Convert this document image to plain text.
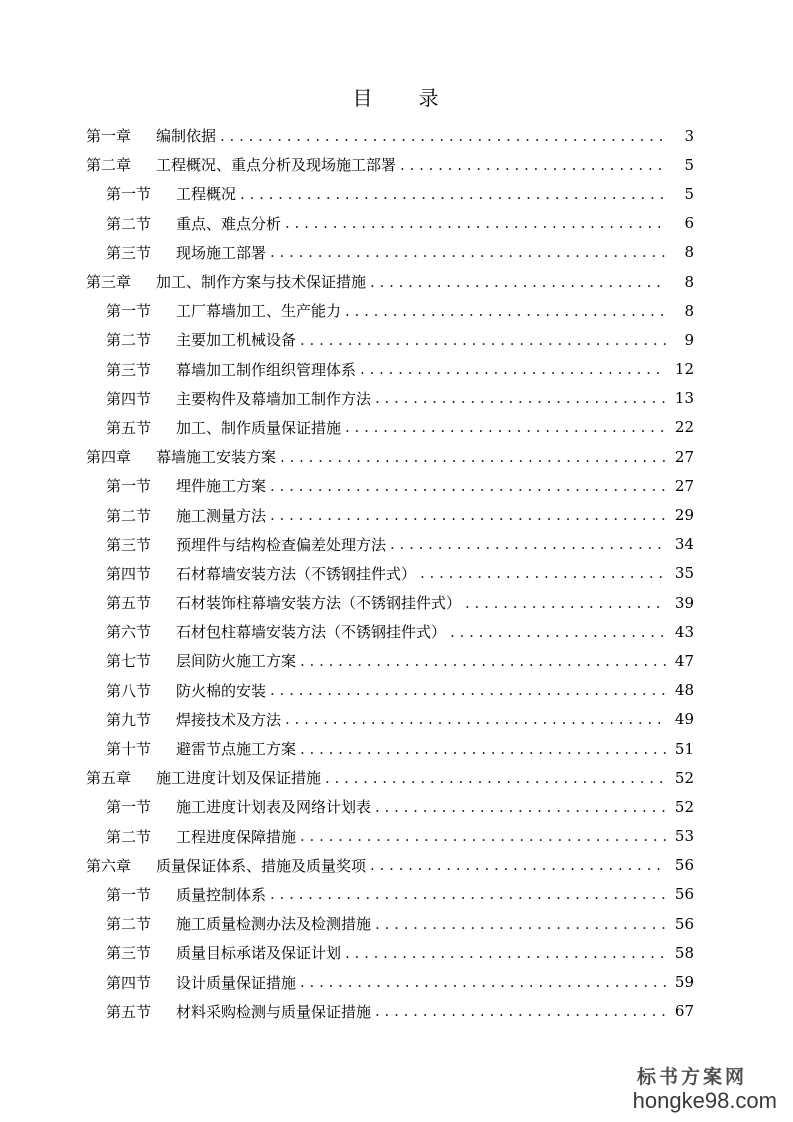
目　　录
第一章	编制依据 . . .	3
第二章	工程概况、重点分析及现场施工部署 . . .	5
第一节	工程概况 . . .	5
第二节	重点、难点分析 . . .	6
第三节	现场施工部署 . . .	8
第三章	加工、制作方案与技术保证措施 . . .	8
第一节	工厂幕墙加工、生产能力 . . .	8
第二节	主要加工机械设备 . . .	9
第三节	幕墙加工制作组织管理体系 . . .	12
第四节	主要构件及幕墙加工制作方法 . . .	13
第五节	加工、制作质量保证措施 . . .	22
第四章	幕墙施工安装方案 . . .	27
第一节	埋件施工方案 . . .	27
第二节	施工测量方法 . . .	29
第三节	预埋件与结构检查偏差处理方法 . . .	34
第四节	石材幕墙安装方法（不锈钢挂件式） . . .	35
第五节	石材装饰柱幕墙安装方法（不锈钢挂件式） . . .	39
第六节	石材包柱幕墙安装方法（不锈钢挂件式） . . .	43
第七节	层间防火施工方案 . . .	47
第八节	防火棉的安装 . . .	48
第九节	焊接技术及方法 . . .	49
第十节	避雷节点施工方案 . . .	51
第五章	施工进度计划及保证措施 . . .	52
第一节	施工进度计划表及网络计划表 . . .	52
第二节	工程进度保障措施 . . .	53
第六章	质量保证体系、措施及质量奖项 . . .	56
第一节	质量控制体系 . . .	56
第二节	施工质量检测办法及检测措施 . . .	56
第三节	质量目标承诺及保证计划 . . .	58
第四节	设计质量保证措施 . . .	59
第五节	材料采购检测与质量保证措施 . . .	67
标书方案网
hongke98.com
